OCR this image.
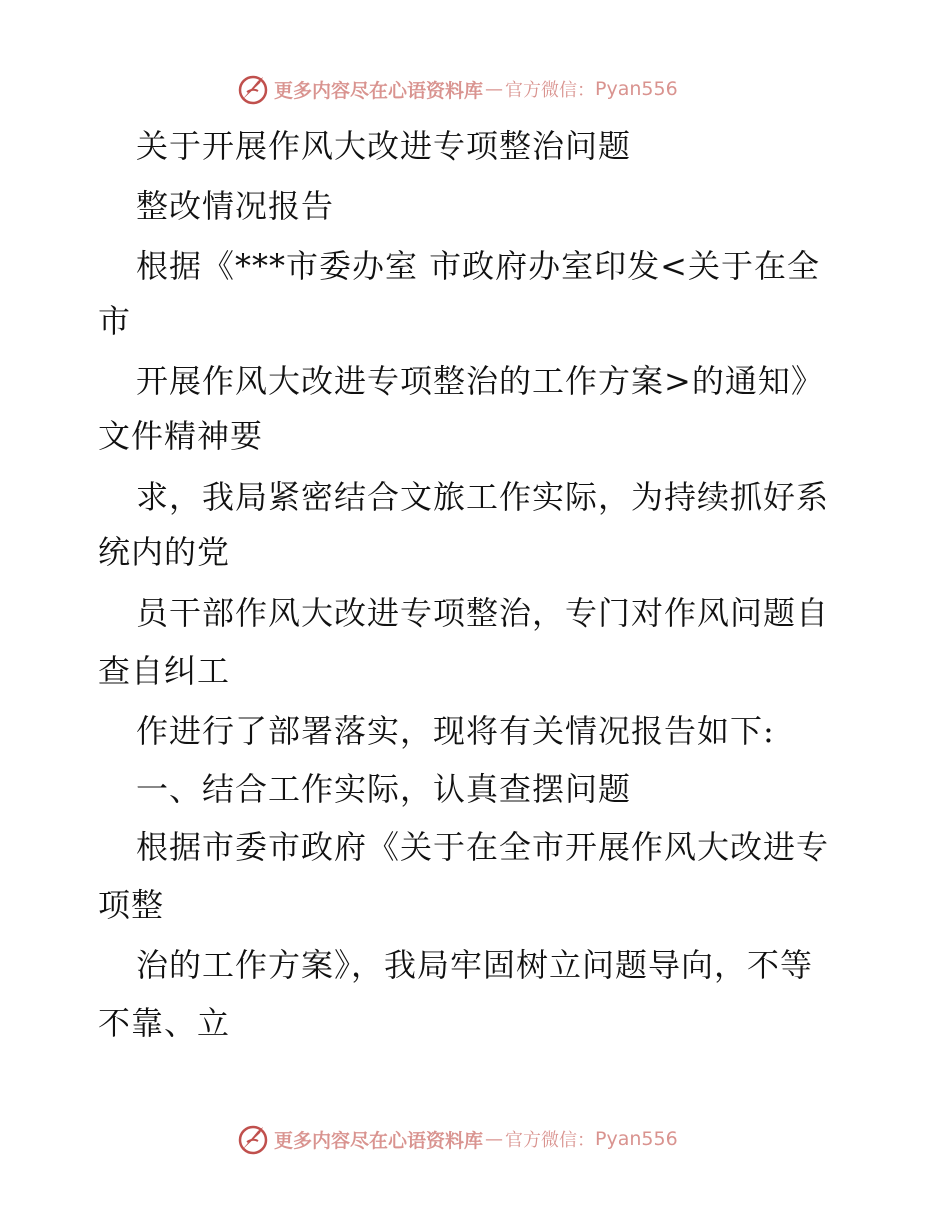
更多内容尽在心语资料库 — 官方微信： Pyan556
关于开展作风大改进专项整治问题
整改情况报告
根据《***市委办室 市政府办室印发<关于在全
市
开展作风大改进专项整治的工作方案>的通知》
文件精神要
求，我局紧密结合文旅工作实际，为持续抓好系
统内的党
员干部作风大改进专项整治，专门对作风问题自
查自纠工
作进行了部署落实，现将有关情况报告如下:
一、结合工作实际，认真查摆问题
根据市委市政府《关于在全市开展作风大改进专
项整
治的工作方案》，我局牢固树立问题导向，不等
不靠、立
更多内容尽在心语资料库 — 官方微信： Pyan556
